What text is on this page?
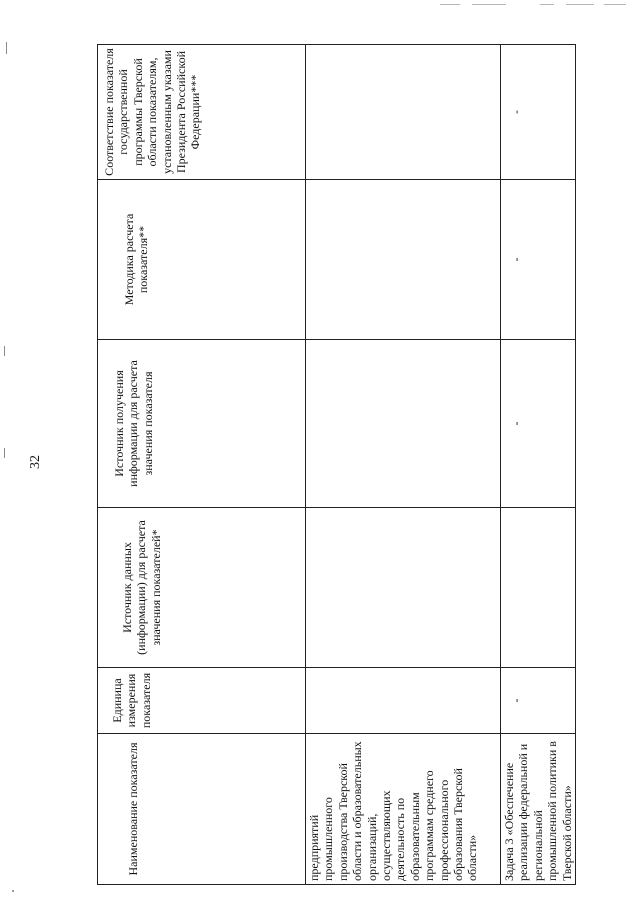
32
Наименование показателя	Единица измерения показателя	Источник данных (информации) для расчета значения показателей*	Источник получения информации для расчета значения показателя	Методика расчета показателя**	Соответствие показателя государственной программы Тверской области показателям, установленным указами Президента Российской Федерации***

предприятий промышленного производства Тверской области и образовательных организаций, осуществляющих деятельность по образовательным программам среднего профессионального образования Тверской области»					

Задача 3 «Обеспечение реализации федеральной и региональной промышленной политики в Тверской области»	-		-	-	-
